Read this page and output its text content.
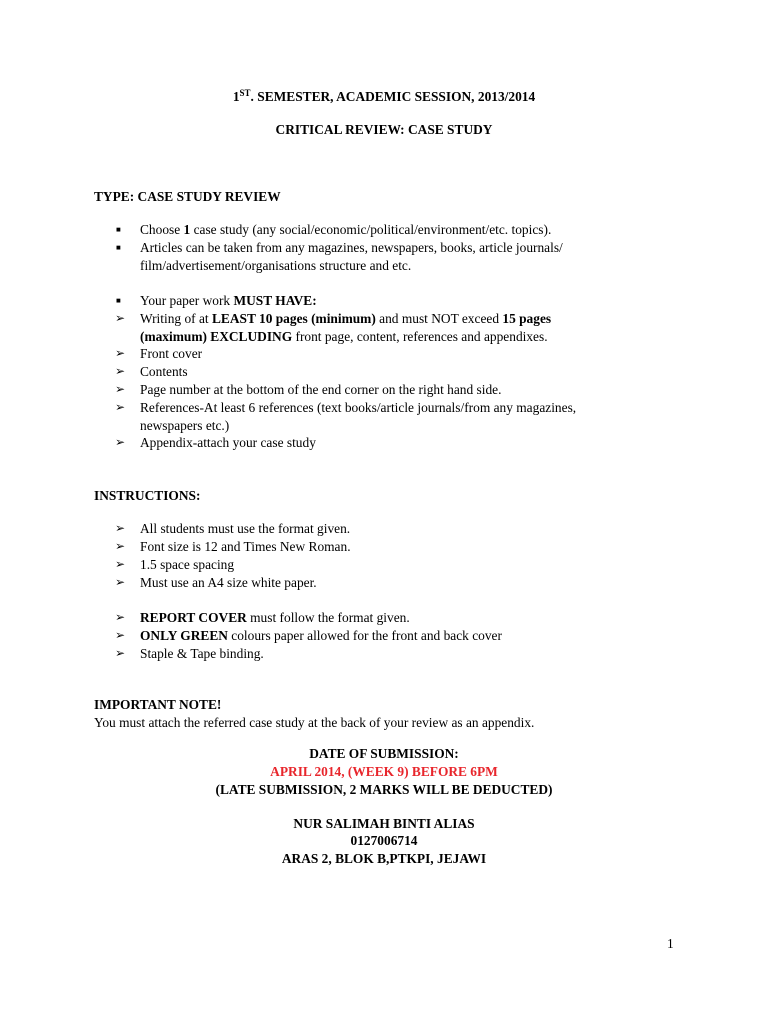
1ST. SEMESTER, ACADEMIC SESSION, 2013/2014
CRITICAL REVIEW: CASE STUDY
TYPE: CASE STUDY REVIEW
■ Choose 1 case study (any social/economic/political/environment/etc. topics).
■ Articles can be taken from any magazines, newspapers, books, article journals/
film/advertisement/organisations structure and etc.
■ Your paper work MUST HAVE:
➢ Writing of at LEAST 10 pages (minimum) and must NOT exceed 15 pages
(maximum) EXCLUDING front page, content, references and appendixes.
➢ Front cover
➢ Contents
➢ Page number at the bottom of the end corner on the right hand side.
➢ References-At least 6 references (text books/article journals/from any magazines,
newspapers etc.)
➢ Appendix-attach your case study
INSTRUCTIONS:
➢ All students must use the format given.
➢ Font size is 12 and Times New Roman.
➢ 1.5 space spacing
➢ Must use an A4 size white paper.
➢ REPORT COVER must follow the format given.
➢ ONLY GREEN colours paper allowed for the front and back cover
➢ Staple & Tape binding.
IMPORTANT NOTE!
You must attach the referred case study at the back of your review as an appendix.
DATE OF SUBMISSION:
APRIL 2014, (WEEK 9) BEFORE 6PM
(LATE SUBMISSION, 2 MARKS WILL BE DEDUCTED)
NUR SALIMAH BINTI ALIAS
0127006714
ARAS 2, BLOK B,PTKPI, JEJAWI
1
